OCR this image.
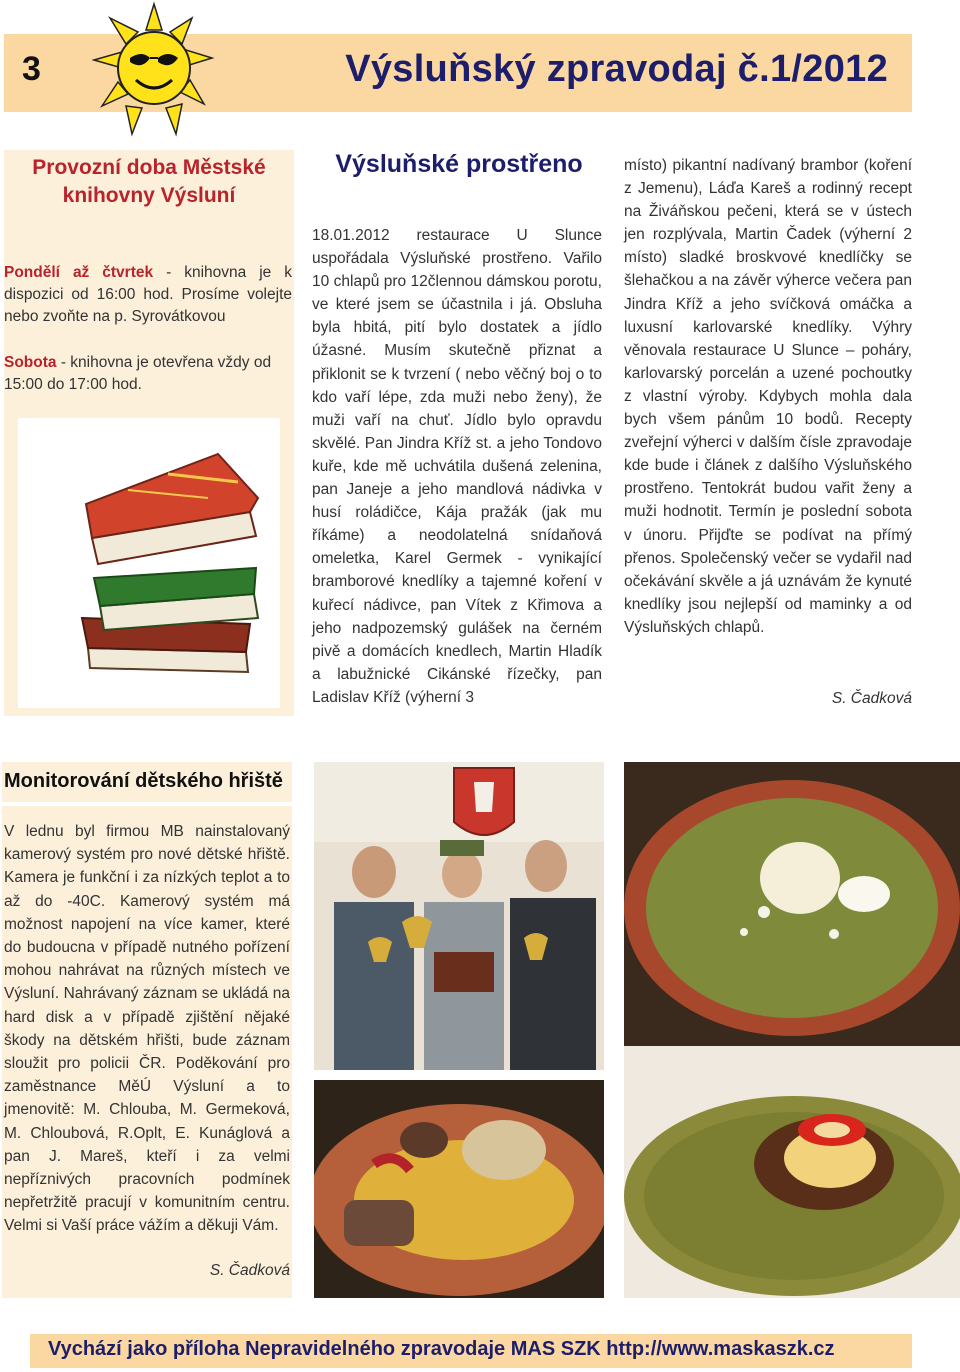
3	Výsluňský zpravodaj č.1/2012
Provozní doba Městské knihovny Výsluní
Pondělí až čtvrtek - knihovna je k dispozici od 16:00 hod. Prosíme volejte nebo zvoňte na p. Syrovátkovou
Sobota - knihovna je otevřena vždy od 15:00 do 17:00 hod.
Výsluňské prostřeno
18.01.2012 restaurace U Slunce uspořádala Výsluňské prostřeno. Vařilo 10 chlapů pro 12člennou dámskou porotu, ve které jsem se účastnila i já. Obsluha byla hbitá, pití bylo dostatek a jídlo úžasné. Musím skutečně přiznat a přiklonit se k tvrzení ( nebo věčný boj o to kdo vaří lépe, zda muži nebo ženy), že muži vaří na chuť. Jídlo bylo opravdu skvělé. Pan Jindra Kříž st. a jeho Tondovo kuře, kde mě uchvátila dušená zelenina, pan Janeje a jeho mandlová nádivka v husí roládičce, Kája pražák (jak mu říkáme) a neodolatelná snídaňová omeletka, Karel Germek - vynikající bramborové knedlíky a tajemné koření v kuřecí nádivce, pan Vítek z Křimova a jeho nadpozemský gulášek na černém pivě a domácích knedlech, Martin Hladík a labužnické Cikánské řízečky, pan Ladislav Kříž (výherní 3
místo) pikantní nadívaný brambor (koření z Jemenu), Láďa Kareš a rodinný recept na Živáňskou pečeni, která se v ústech jen rozplývala, Martin Čadek (výherní 2 místo) sladké broskvové knedlíčky se šlehačkou a na závěr výherce večera pan Jindra Kříž a jeho svíčková omáčka a luxusní karlovarské knedlíky. Výhry věnovala restaurace U Slunce – poháry, karlovarský porcelán a uzené pochoutky z vlastní výroby. Kdybych mohla dala bych všem pánům 10 bodů. Recepty zveřejní výherci v dalším čísle zpravodaje kde bude i článek z dalšího Výsluňského prostřeno. Tentokrát budou vařit ženy a muži hodnotit. Termín je poslední sobota v únoru. Přijďte se podívat na přímý přenos. Společenský večer se vydařil nad očekávání skvěle a já uznávám že kynuté knedlíky jsou nejlepší od maminky a od Výsluňských chlapů.
S. Čadková
Monitorování dětského hřiště
V lednu byl firmou MB nainstalovaný kamerový systém pro nové dětské hřiště. Kamera je funkční i za nízkých teplot a to až do -40C. Kamerový systém má možnost napojení na více kamer, které do budoucna v případě nutného pořízení mohou nahrávat na různých místech ve Výsluní. Nahrávaný záznam se ukládá na hard disk a v případě zjištění nějaké škody na dětském hřišti, bude záznam sloužit pro policii ČR. Poděkování pro zaměstnance MěÚ Výsluní a to jmenovitě: M. Chlouba, M. Germeková, M. Chloubová, R.Oplt, E. Kunáglová a pan J. Mareš, kteří i za velmi nepříznivých pracovních podmínek nepřetržitě pracují v komunitním centru. Velmi si Vaší práce vážím a děkuji Vám.
S. Čadková
Vychází jako příloha Nepravidelného zpravodaje MAS SZK http://www.maskaszk.cz
